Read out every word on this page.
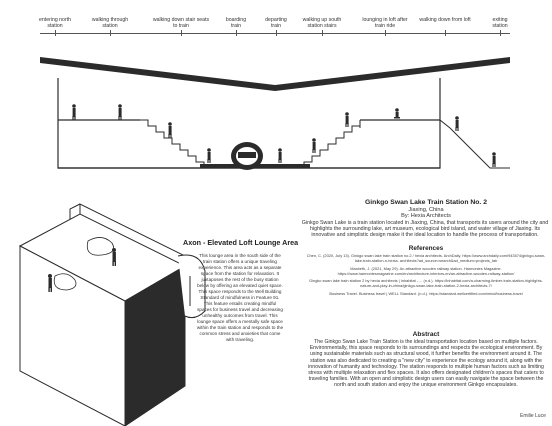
entering north
station
walking through
station
walking down stair seats
to train
boarding
train
departing
train
walking up south
station stairs
lounging in loft after
train ride
walking down from loft	exiting
station
Axon - Elevated Loft Lounge Area
This lounge area in the south side of the train station offers a unique traveling experience. This area acts as a separate space from the station for relaxation. It juxtaposes the rest of the busy station below by offering an elevated quiet space. This space responds to the Well Building Standard of mindfulness in Feature 91. This feature entails creating mindful spaces for business travel and decreasing unhealthy outcomes from travel. This lounge space offers a mentally safe space within the train station and responds to the common stress and anxieties that come with traveling.
Ginkgo Swan Lake Train Station No. 2
Jiaxing, China
By: Hexia Architects
Ginkgo Swan Lake is a train station located in Jiaxing, China, that transports its users around the city and highlights the surrounding lake, art museum, ecological bird island, and water village of Jiaxing. Its innovative and simplistic design make it the ideal location to handle the process of transportation.
References
Chen, C. (2020, July 13). Ginkgo swan lake train station no.2 / hexia architects. ArchDaily. https://www.archdaily.com/943574/ginkgo-swan-lake-train-station-n-hexia- architects?ad_source=search&ad_medium=projects_tab
Macbeth, J. (2021, May 29). An attractive wooden railway station. Harmonies Magazine. https://www.harmoniesmagazine.com/en/architecture-interiors-en/an-attractive-wooden-railway-station/
Gingko swan lake train station 2 by hexia architects | Inhabitat - ... (n.d.). https://inhabitat.com/a-charming-timber-train-station-highlights-nature-and-play-in-china/ginkgo-swan-lake-train-station-2-hexia-architects-7/
Business Travel. Business travel | WELL Standard. (n.d.). https://standard.wellcertified.com/mind/business-travel
Abstract
The Ginkgo Swan Lake Train Station is the ideal transportation location based on multiple factors. Environmentally, this space responds to its surroundings and respects the ecological environment. By using sustainable materials such as structural wood, it further benefits the environment around it. The station was also dedicated to creating a "new city" to experience the ecology around it, along with the innovation of humanity and technology. The station responds to multiple human factors such as limiting stress with multiple relaxation and flex spaces. It also offers designated children's spaces that caters to traveling families. With an open and simplistic design users can easily navigate the space between the north and south station and enjoy the unique environment Ginkgo encapsulates.
Emilie Luce
